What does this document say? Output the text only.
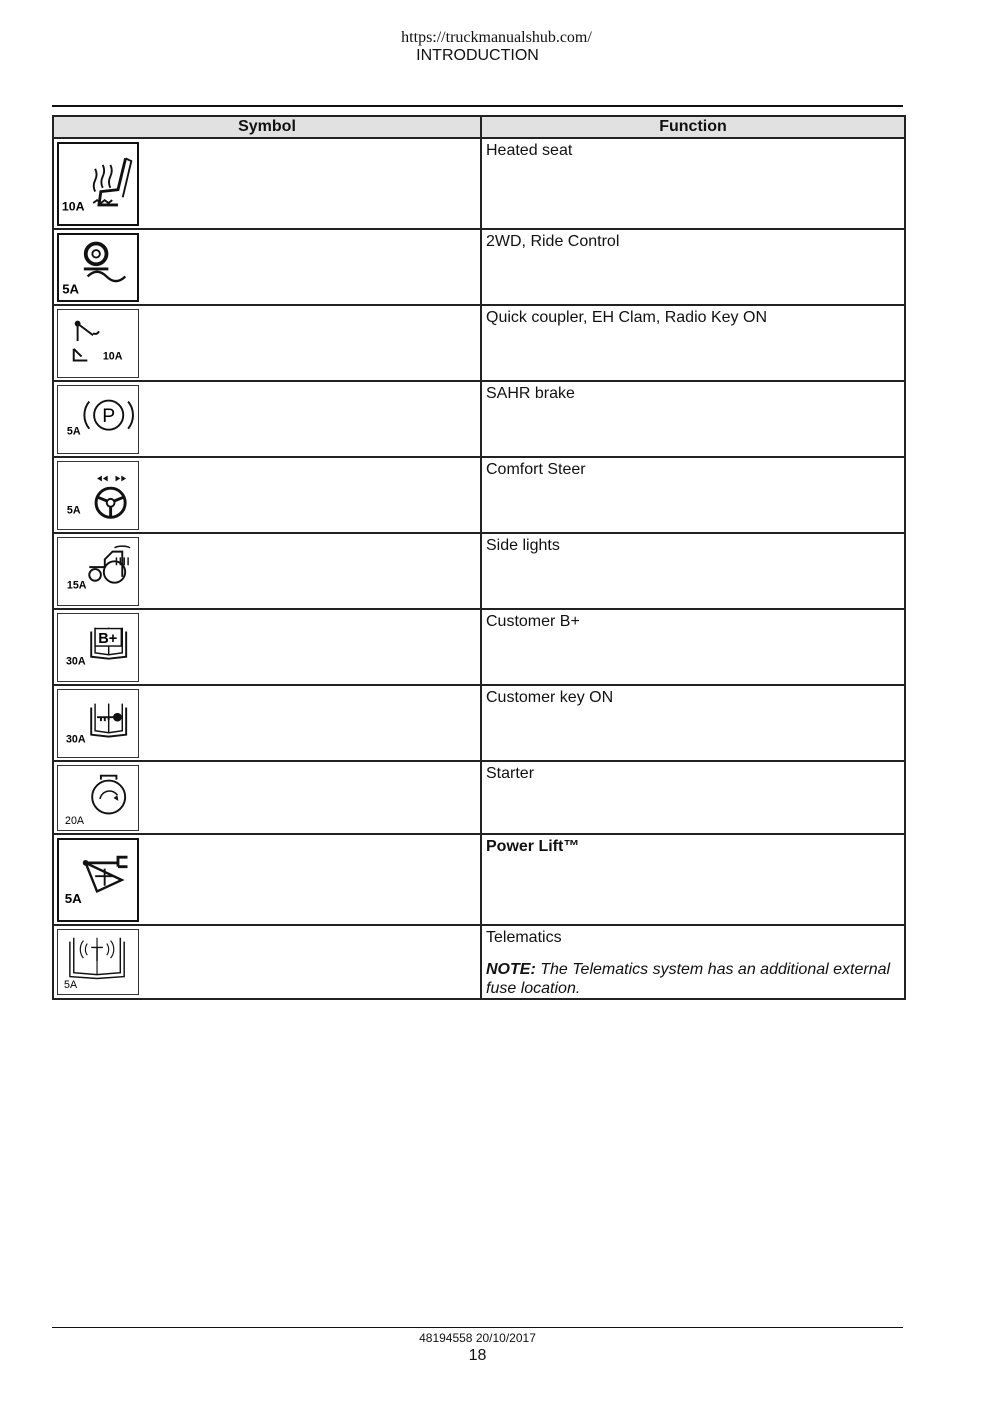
https://truckmanualshub.com/
INTRODUCTION
Symbol	Function

10A	Heated seat

5A	2WD, Ride Control

10A	Quick coupler, EH Clam, Radio Key ON

5A
P	SAHR brake

5A	Comfort Steer

15A	Side lights

30A
B+	Customer B+

30A	Customer key ON

20A	Starter

5A	Power Lift™

5A	Telematics
NOTE: The Telematics system has an additional external fuse location.
48194558 20/10/2017
18
